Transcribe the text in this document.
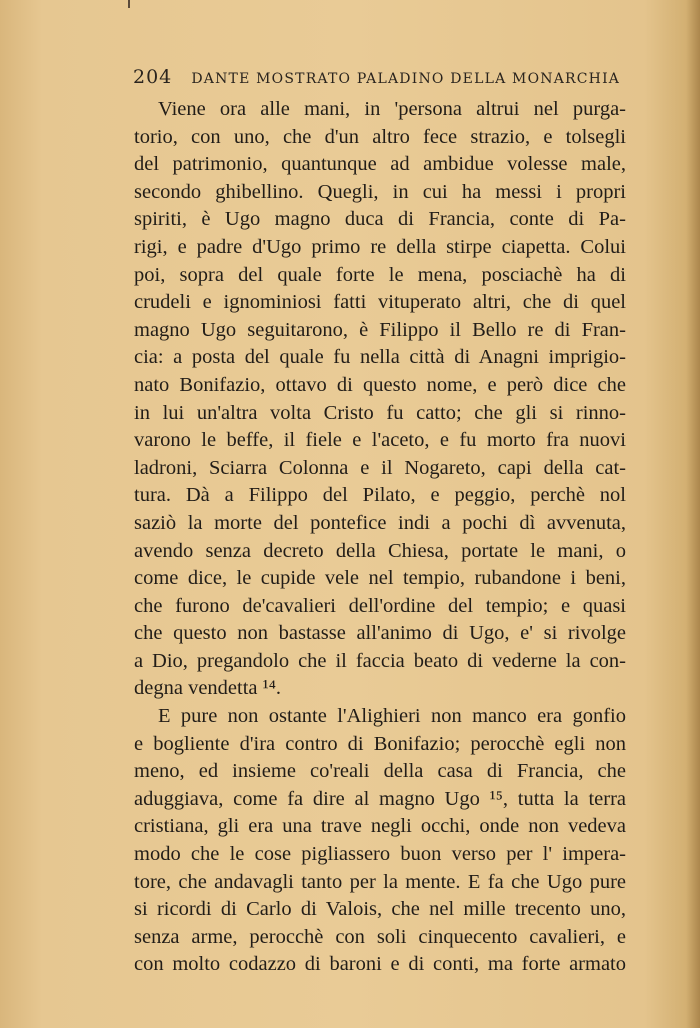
204 DANTE MOSTRATO PALADINO DELLA MONARCHIA
Viene ora alle mani, in 'persona altrui nel purga-
torio, con uno, che d'un altro fece strazio, e tolsegli
del patrimonio, quantunque ad ambidue volesse male,
secondo ghibellino. Quegli, in cui ha messi i propri
spiriti, è Ugo magno duca di Francia, conte di Pa-
rigi, e padre d'Ugo primo re della stirpe ciapetta. Colui
poi, sopra del quale forte le mena, posciachè ha di
crudeli e ignominiosi fatti vituperato altri, che di quel
magno Ugo seguitarono, è Filippo il Bello re di Fran-
cia: a posta del quale fu nella città di Anagni imprigio-
nato Bonifazio, ottavo di questo nome, e però dice che
in lui un'altra volta Cristo fu catto; che gli si rinno-
varono le beffe, il fiele e l'aceto, e fu morto fra nuovi
ladroni, Sciarra Colonna e il Nogareto, capi della cat-
tura. Dà a Filippo del Pilato, e peggio, perchè nol
saziò la morte del pontefice indi a pochi dì avvenuta,
avendo senza decreto della Chiesa, portate le mani, o
come dice, le cupide vele nel tempio, rubandone i beni,
che furono de'cavalieri dell'ordine del tempio; e quasi
che questo non bastasse all'animo di Ugo, e' si rivolge
a Dio, pregandolo che il faccia beato di vederne la con-
degna vendetta ¹⁴.
E pure non ostante l'Alighieri non manco era gonfio
e bogliente d'ira contro di Bonifazio; perocchè egli non
meno, ed insieme co'reali della casa di Francia, che
aduggiava, come fa dire al magno Ugo ¹⁵, tutta la terra
cristiana, gli era una trave negli occhi, onde non vedeva
modo che le cose pigliassero buon verso per l' impera-
tore, che andavagli tanto per la mente. E fa che Ugo pure
si ricordi di Carlo di Valois, che nel mille trecento uno,
senza arme, perocchè con soli cinquecento cavalieri, e
con molto codazzo di baroni e di conti, ma forte armato
